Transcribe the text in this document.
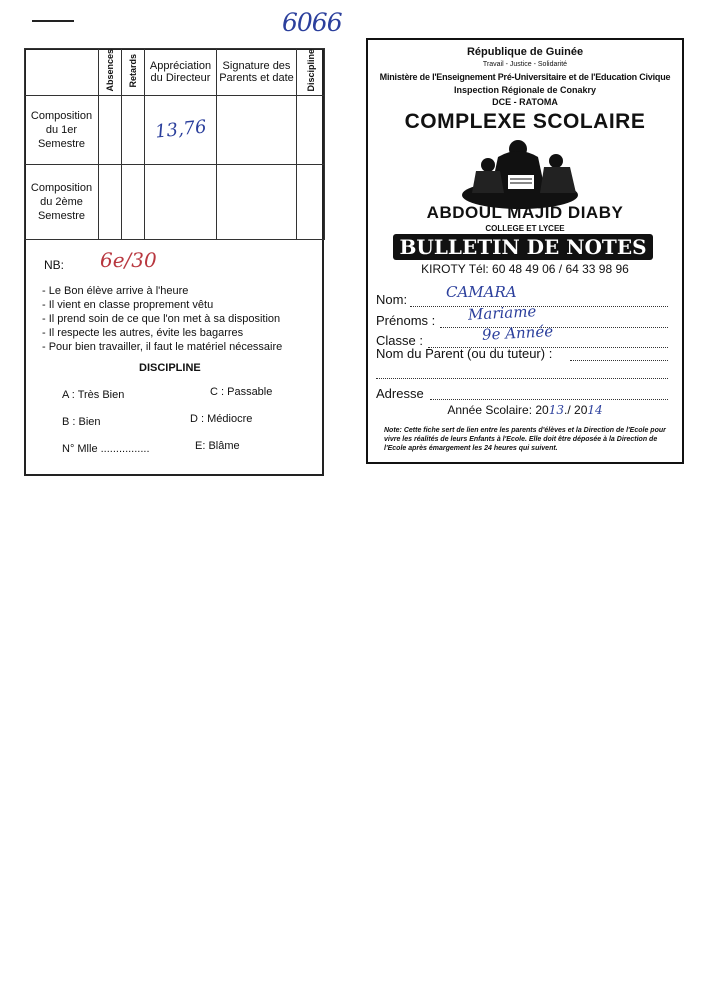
6066
	Absences	Retards	Appréciation du Directeur	Signature des Parents et date	Discipline
Composition du 1er Semestre			13,76		
Composition du 2ème Semestre					
NB: 6e/30
- Le Bon élève arrive à l'heure
- Il vient en classe proprement vêtu
- Il prend soin de ce que l'on met à sa disposition
- Il respecte les autres, évite les bagarres
- Pour bien travailler, il faut le matériel nécessaire
DISCIPLINE
A : Très Bien	C : Passable
B : Bien	D : Médiocre
N° Mlle ................	E: Blâme
République de Guinée
Travail - Justice - Solidarité
Ministère de l'Enseignement Pré-Universitaire et de l'Education Civique
Inspection Régionale de Conakry
DCE - RATOMA
COMPLEXE SCOLAIRE
ABDOUL MAJID DIABY
COLLEGE ET LYCEE
BULLETIN DE NOTES
KIROTY Tél: 60 48 49 06 / 64 33 98 96
Nom:	CAMARA
Prénoms : Mariame
Classe :	9e Année
Nom du Parent (ou du tuteur) :
Adresse
Année Scolaire: 2013./ 2014
Note: Cette fiche sert de lien entre les parents d'élèves et la Direction de l'Ecole pour vivre les réalités de leurs Enfants à l'Ecole. Elle doit être déposée à la Direction de l'Ecole après émargement les 24 heures qui suivent.
